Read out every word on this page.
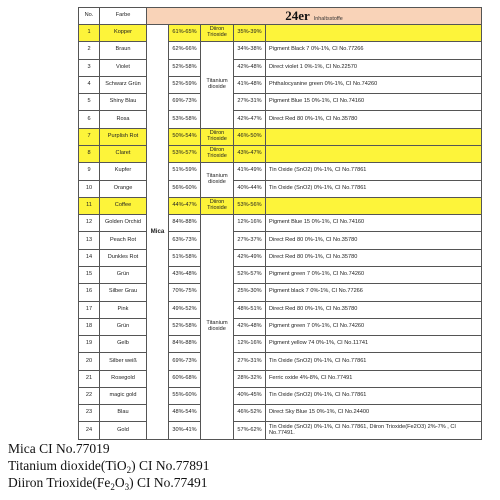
No.	Farbe	24er Inhaltsstoffe				
1	Kopper	Mica	61%-65%	Diiron Trioxide	35%-39%	
2	Braun		62%-66%	Titanium dioxide	34%-38%	Pigment Black 7 0%-1%, CI No.77266
3	Violet		52%-58%		42%-48%	Direct violet 1 0%-1%, CI No.22570
4	Schwarz Grün		52%-59%		41%-48%	Phthalocyanine green 0%-1%, CI No.74260
5	Shiny Blau		69%-73%		27%-31%	Pigment Blue 15 0%-1%, CI No.74160
6	Rosa		53%-58%		42%-47%	Direct Red 80 0%-1%, CI No.35780
7	Purplish Rot		50%-54%	Diiron Trioxide	46%-50%	
8	Claret		53%-57%	Diiron Trioxide	43%-47%	
9	Kupfer		51%-59%	Titanium dioxide	41%-49%	Tin Oxide (SnO2) 0%-1%, CI No.77861
10	Orange		56%-60%		40%-44%	Tin Oxide (SnO2) 0%-1%, CI No.77861
11	Coffee		44%-47%	Diiron Trioxide	53%-56%	
12	Golden Orchid		84%-88%	Titanium dioxide	12%-16%	Pigment Blue 15 0%-1%, CI No.74160
13	Peach Rot		63%-73%		27%-37%	Direct Red 80 0%-1%, CI No.35780
14	Dunkles Rot		51%-58%		42%-49%	Direct Red 80 0%-1%, CI No.35780
15	Grün		43%-48%		52%-57%	Pigment green 7 0%-1%, CI No.74260
16	Silber Grau		70%-75%		25%-30%	Pigment black 7 0%-1%, CI No.77266
17	Pink		49%-52%		48%-51%	Direct Red 80 0%-1%, CI No.35780
18	Grün		52%-58%		42%-48%	Pigment green 7 0%-1%, CI No.74260
19	Gelb		84%-88%		12%-16%	Pigment yellow 74 0%-1%, CI No.11741
20	Silber weiß		69%-73%		27%-31%	Tin Oxide (SnO2) 0%-1%, CI No.77861
21	Rosegold		60%-68%		28%-32%	Ferric oxide 4%-8%, CI No.77491
22	magic gold		55%-60%		40%-45%	Tin Oxide (SnO2) 0%-1%, CI No.77861
23	Blau		48%-54%		46%-52%	Direct Sky Blue 15 0%-1%, CI No.24400
24	Gold		30%-41%		57%-62%	Tin Oxide (SnO2) 0%-1%, CI No.77861, Diiron Trioxide(Fe2O3) 2%-7% , CI No.77491.
Mica CI No.77019
Titanium dioxide(TiO$_2$) CI No.77891
Diiron $Trioxide(Fe_2O_3)$ CI No.77491
